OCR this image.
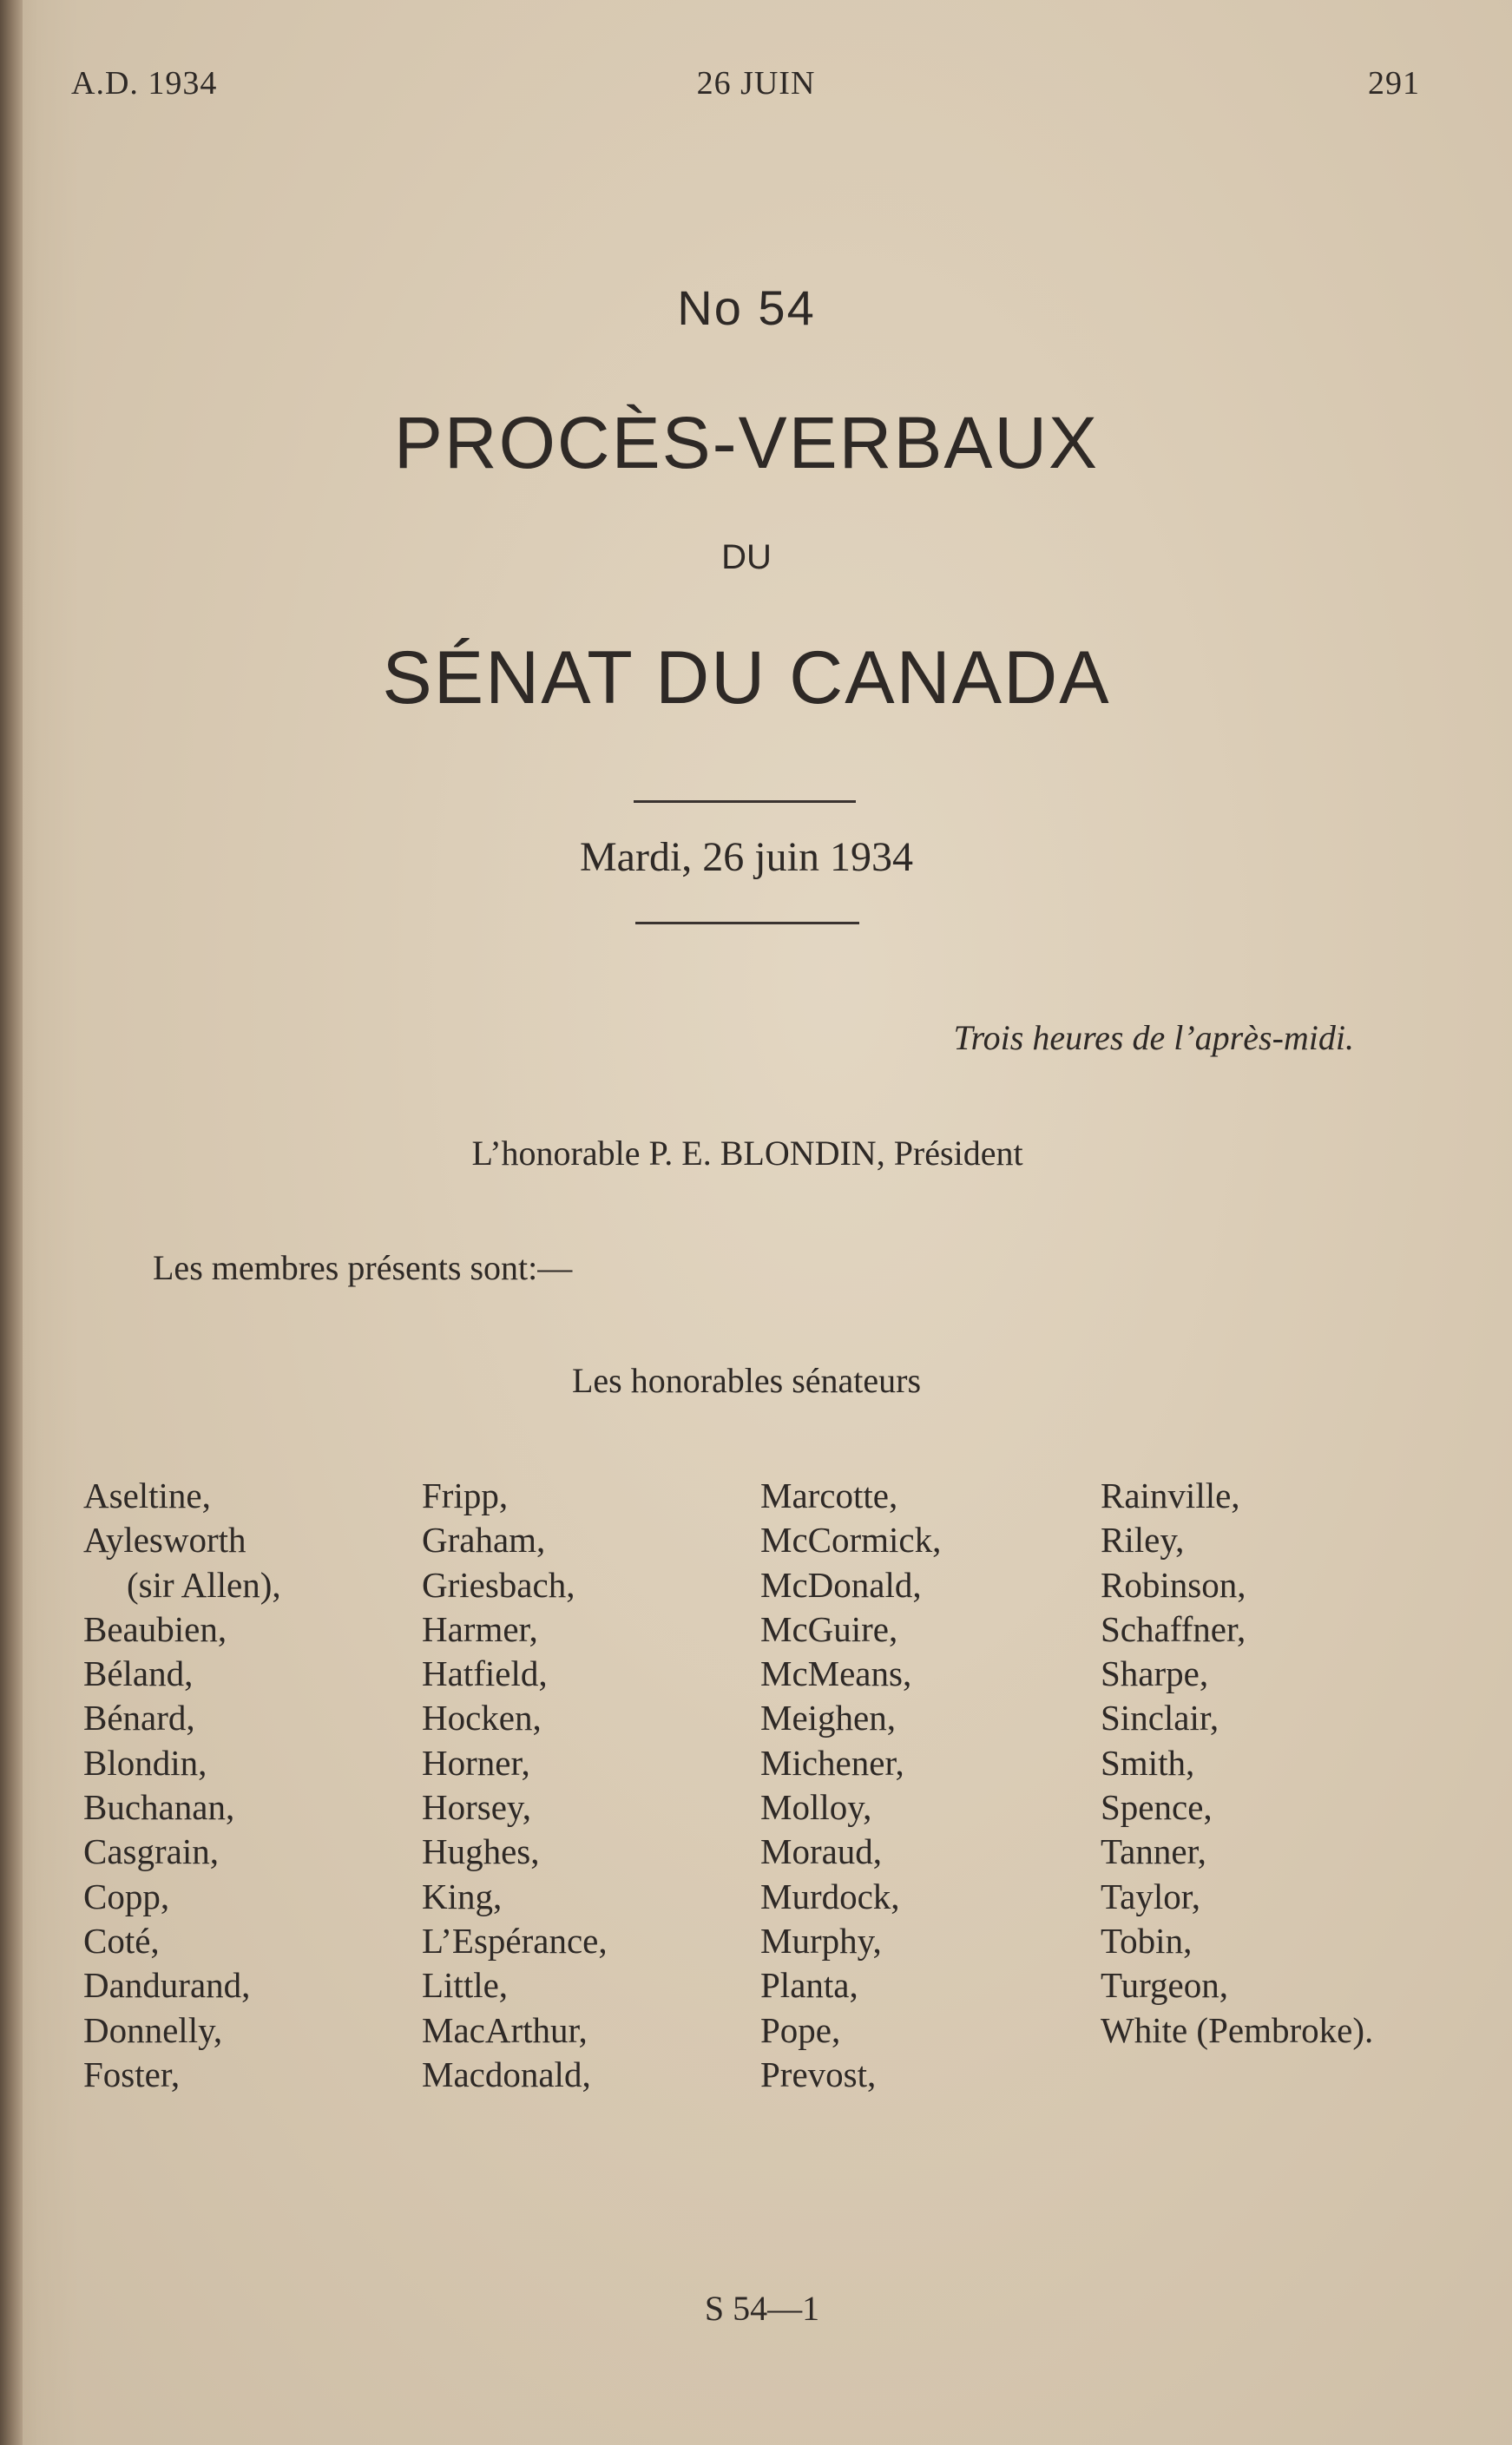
A.D. 1934	26 JUIN	291
No 54
PROCÈS-VERBAUX
DU
SÉNAT DU CANADA
Mardi, 26 juin 1934
Trois heures de l’après-midi.
L’honorable P. E. BLONDIN, Président
Les membres présents sont:—
Les honorables sénateurs
Aseltine,
Aylesworth
(sir Allen),
Beaubien,
Béland,
Bénard,
Blondin,
Buchanan,
Casgrain,
Copp,
Coté,
Dandurand,
Donnelly,
Foster,
Fripp,
Graham,
Griesbach,
Harmer,
Hatfield,
Hocken,
Horner,
Horsey,
Hughes,
King,
L’Espérance,
Little,
MacArthur,
Macdonald,
Marcotte,
McCormick,
McDonald,
McGuire,
McMeans,
Meighen,
Michener,
Molloy,
Moraud,
Murdock,
Murphy,
Planta,
Pope,
Prevost,
Rainville,
Riley,
Robinson,
Schaffner,
Sharpe,
Sinclair,
Smith,
Spence,
Tanner,
Taylor,
Tobin,
Turgeon,
White (Pembroke).
S 54—1
